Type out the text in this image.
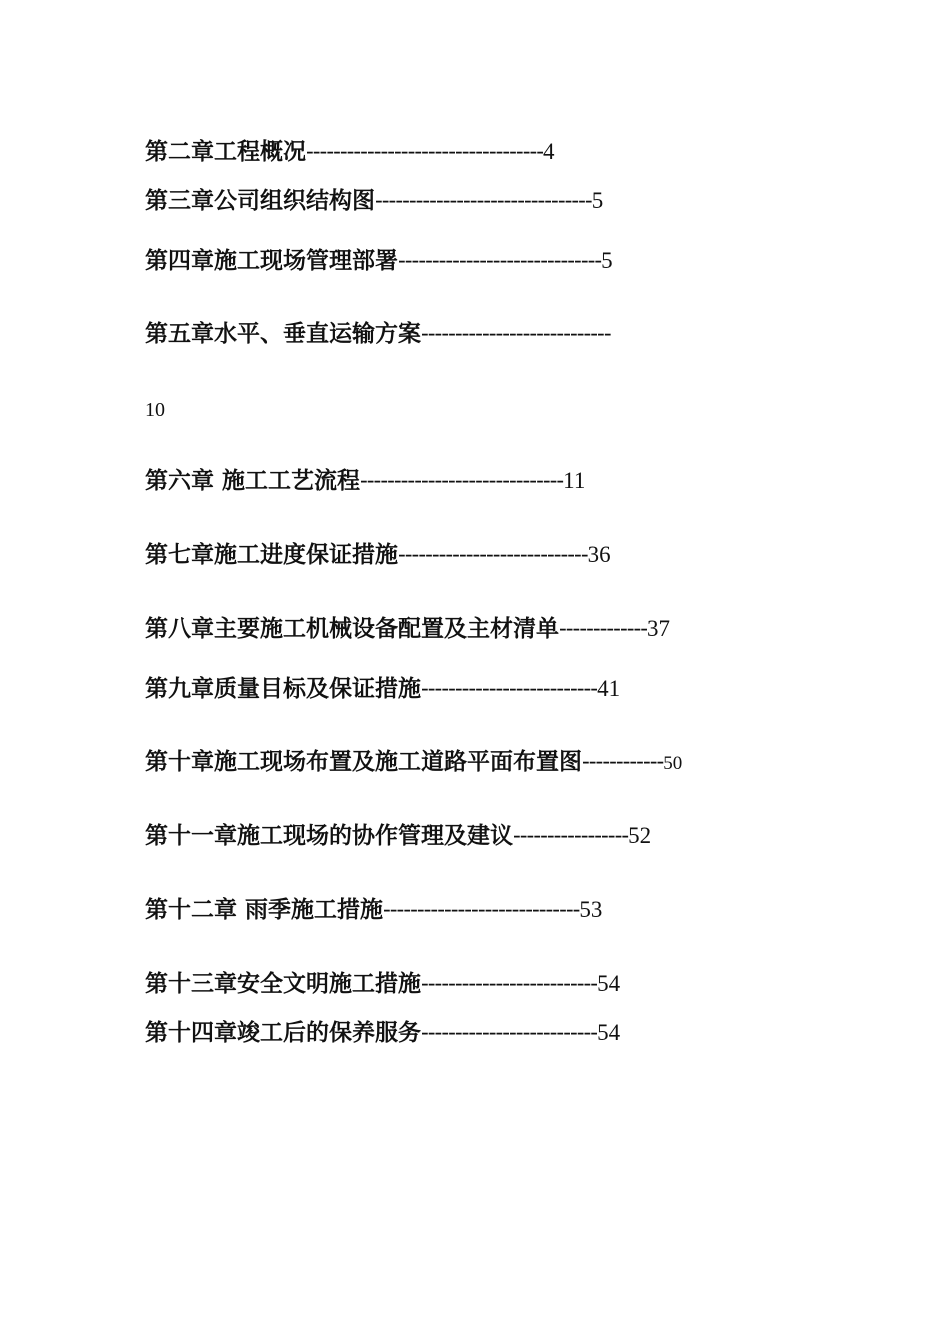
第二章工程概况-----------------------------------4
第三章公司组织结构图--------------------------------5
第四章施工现场管理部署------------------------------5
第五章水平、垂直运输方案----------------------------
10
第六章 施工工艺流程------------------------------11
第七章施工进度保证措施----------------------------36
第八章主要施工机械设备配置及主材清单-------------37
第九章质量目标及保证措施--------------------------41
第十章施工现场布置及施工道路平面布置图------------50
第十一章施工现场的协作管理及建议-----------------52
第十二章 雨季施工措施-----------------------------53
第十三章安全文明施工措施--------------------------54
第十四章竣工后的保养服务--------------------------54
